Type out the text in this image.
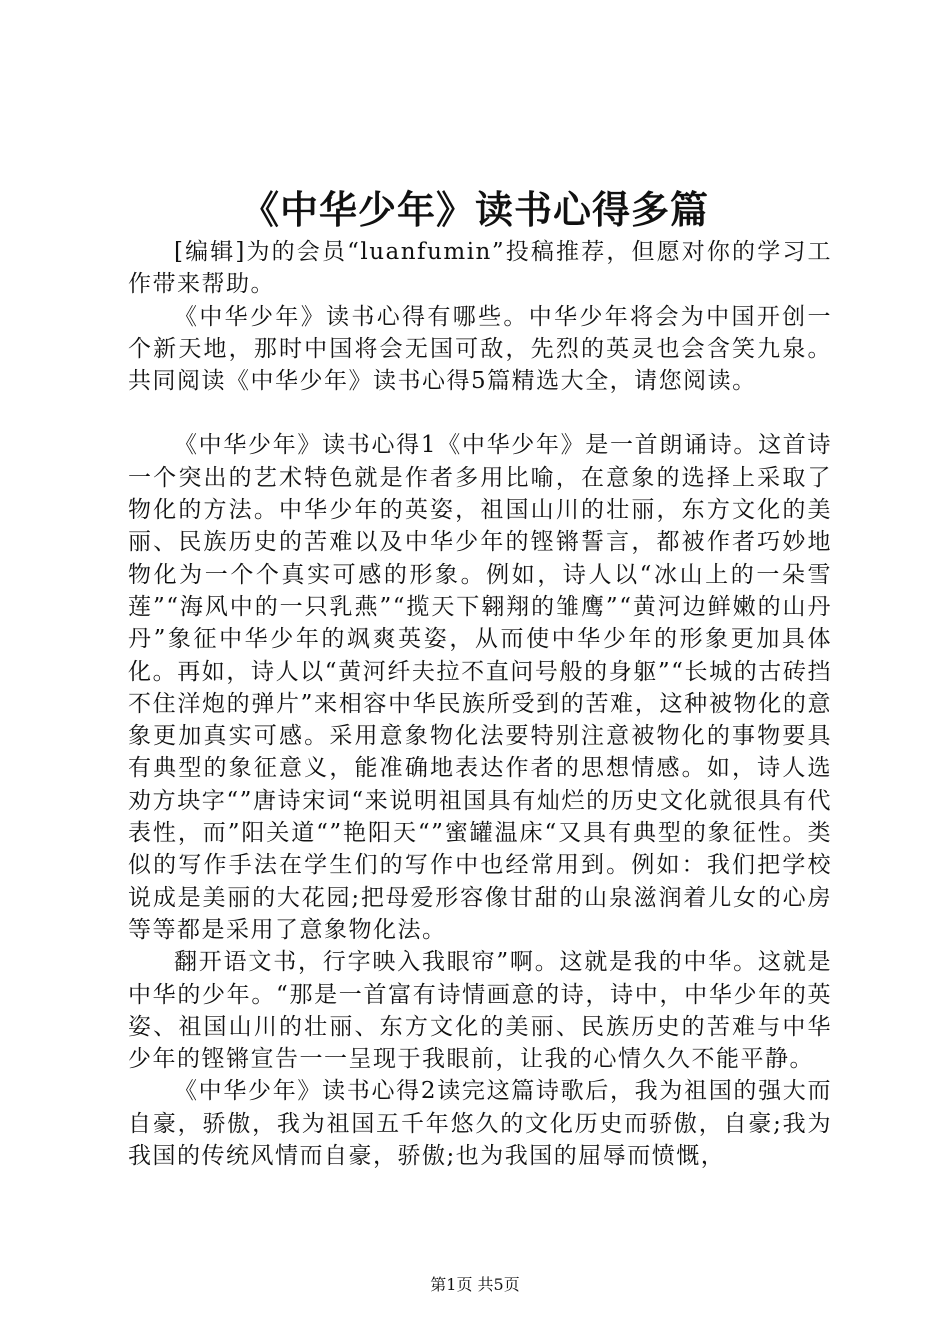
《中华少年》读书心得多篇

[编辑]为的会员“luanfumin”投稿推荐，但愿对你的学习工作带来帮助。

《中华少年》读书心得有哪些。中华少年将会为中国开创一个新天地，那时中国将会无国可敌，先烈的英灵也会含笑九泉。共同阅读《中华少年》读书心得5篇精选大全，请您阅读。

《中华少年》读书心得1《中华少年》是一首朗诵诗。这首诗一个突出的艺术特色就是作者多用比喻，在意象的选择上采取了物化的方法。中华少年的英姿，祖国山川的壮丽，东方文化的美丽、民族历史的苦难以及中华少年的铿锵誓言，都被作者巧妙地物化为一个个真实可感的形象。例如，诗人以“冰山上的一朵雪莲”“海风中的一只乳燕”“揽天下翱翔的雏鹰”“黄河边鲜嫩的山丹丹”象征中华少年的飒爽英姿，从而使中华少年的形象更加具体化。再如，诗人以“黄河纤夫拉不直问号般的身躯”“长城的古砖挡不住洋炮的弹片”来相容中华民族所受到的苦难，这种被物化的意象更加真实可感。采用意象物化法要特别注意被物化的事物要具有典型的象征意义，能准确地表达作者的思想情感。如，诗人选劝方块字“”唐诗宋词“来说明祖国具有灿烂的历史文化就很具有代表性，而”阳关道“”艳阳天“”蜜罐温床“又具有典型的象征性。类似的写作手法在学生们的写作中也经常用到。例如：我们把学校说成是美丽的大花园;把母爱形容像甘甜的山泉滋润着儿女的心房等等都是采用了意象物化法。

翻开语文书，行字映入我眼帘”啊。这就是我的中华。这就是中华的少年。“那是一首富有诗情画意的诗，诗中，中华少年的英姿、祖国山川的壮丽、东方文化的美丽、民族历史的苦难与中华少年的铿锵宣告一一呈现于我眼前，让我的心情久久不能平静。

《中华少年》读书心得2读完这篇诗歌后，我为祖国的强大而自豪，骄傲，我为祖国五千年悠久的文化历史而骄傲，自豪;我为我国的传统风情而自豪，骄傲;也为我国的屈辱而愤慨，

第1页 共5页
